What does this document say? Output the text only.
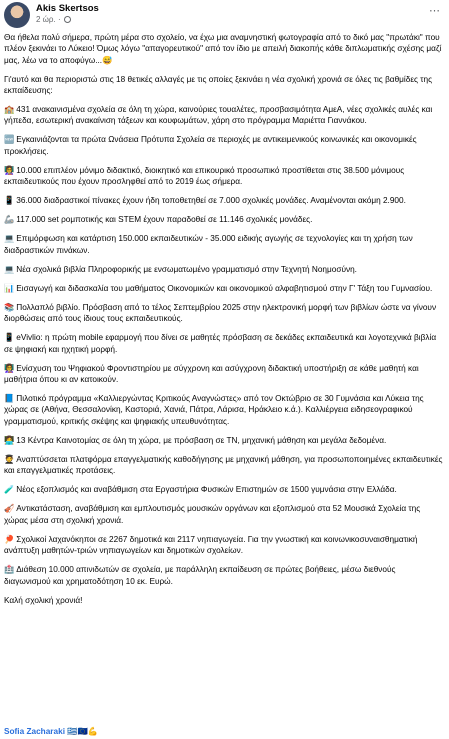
Akis Skertsos
2 ώρ. ·
⋯
Θα ήθελα πολύ σήμερα, πρώτη μέρα στο σχολείο, να έχω μια αναμνηστική φωτογραφία από το δικό μας "πρωτάκι" που πλέον ξεκινάει το Λύκειο! Όμως λόγω "απαγορευτικού" από τον ίδιο με απειλή διακοπής κάθε διπλωματικής σχέσης μαζί μας, λέω να το αποφύγω...😅
Γι'αυτό και θα περιοριστώ στις 18 θετικές αλλαγές με τις οποίες ξεκινάει η νέα σχολική χρονιά σε όλες τις βαθμίδες της εκπαίδευσης:
🏫 431 ανακαινισμένα σχολεία σε όλη τη χώρα, καινούριες τουαλέτες, προσβασιμότητα ΑμεΑ, νέες σχολικές αυλές και γήπεδα, εσωτερική ανακαίνιση τάξεων και κουφωμάτων, χάρη στο πρόγραμμα Μαριέττα Γιαννάκου.
🆕 Εγκαινιάζονται τα πρώτα Ωνάσεια Πρότυπα Σχολεία σε περιοχές με αντικειμενικούς κοινωνικές και οικονομικές προκλήσεις.
👩‍🏫 10.000 επιπλέον μόνιμο διδακτικό, διοικητικό και επικουρικό προσωπικό προστίθεται στις 38.500 μόνιμους εκπαιδευτικούς που έχουν προσληφθεί από το 2019 έως σήμερα.
📱 36.000 διαδραστικοί πίνακες έχουν ήδη τοποθετηθεί σε 7.000 σχολικές μονάδες. Αναμένονται ακόμη 2.900.
🦾 117.000 set ρομποτικής και STEM έχουν παραδοθεί σε 11.146 σχολικές μονάδες.
💻 Επιμόρφωση και κατάρτιση 150.000 εκπαιδευτικών - 35.000 ειδικής αγωγής σε τεχνολογίες και τη χρήση των διαδραστικών πινάκων.
💻 Νέα σχολικά βιβλία Πληροφορικής με ενσωματωμένο γραμματισμό στην Τεχνητή Νοημοσύνη.
📊 Εισαγωγή και διδασκαλία του μαθήματος Οικονομικών και οικονομικού αλφαβητισμού στην Γ' Τάξη του Γυμνασίου.
📚 Πολλαπλό βιβλίο. Πρόσβαση από το τέλος Σεπτεμβρίου 2025 στην ηλεκτρονική μορφή των βιβλίων ώστε να γίνουν διορθώσεις από τους ίδιους τους εκπαιδευτικούς.
📱 eVivlio: η πρώτη mobile εφαρμογή που δίνει σε μαθητές πρόσβαση σε δεκάδες εκπαιδευτικά και λογοτεχνικά βιβλία σε ψηφιακή και ηχητική μορφή.
👩‍🏫 Ενίσχυση του Ψηφιακού Φροντιστηρίου με σύγχρονη και ασύγχρονη διδακτική υποστήριξη σε κάθε μαθητή και μαθήτρια όπου κι αν κατοικούν.
📘 Πιλοτικό πρόγραμμα «Καλλιεργώντας Κριτικούς Αναγνώστες» από τον Οκτώβριο σε 30 Γυμνάσια και Λύκεια της χώρας σε (Αθήνα, Θεσσαλονίκη, Καστοριά, Χανιά, Πάτρα, Λάρισα, Ηράκλειο κ.ά.). Καλλιέργεια ειδησεογραφικού γραμματισμού, κριτικής σκέψης και ψηφιακής υπευθυνότητας.
👩‍💻 13 Κέντρα Καινοτομίας σε όλη τη χώρα, με πρόσβαση σε ΤΝ, μηχανική μάθηση και μεγάλα δεδομένα.
🧑‍🎓 Αναπτύσσεται πλατφόρμα επαγγελματικής καθοδήγησης με μηχανική μάθηση, για προσωποποιημένες εκπαιδευτικές και επαγγελματικές προτάσεις.
🧪 Νέος εξοπλισμός και αναβάθμιση στα Εργαστήρια Φυσικών Επιστημών σε 1500 γυμνάσια στην Ελλάδα.
🎻 Αντικατάσταση, αναβάθμιση και εμπλουτισμός μουσικών οργάνων και εξοπλισμού στα 52 Μουσικά Σχολεία της χώρας μέσα στη σχολική χρονιά.
🏓 Σχολικοί λαχανόκηποι σε 2267 δημοτικά και 2117 νηπιαγωγεία. Για την γνωστική και κοινωνικοσυναισθηματική ανάπτυξη μαθητών-τριών νηπιαγωγείων και δημοτικών σχολείων.
🏥 Διάθεση 10.000 απινιδωτών σε σχολεία, με παράλληλη εκπαίδευση σε πρώτες βοήθειες, μέσω διεθνούς διαγωνισμού και χρηματοδότηση 10 εκ. Ευρώ.
Καλή σχολική χρονιά!
Sofia Zacharaki 🇬🇷🇪🇺💪
